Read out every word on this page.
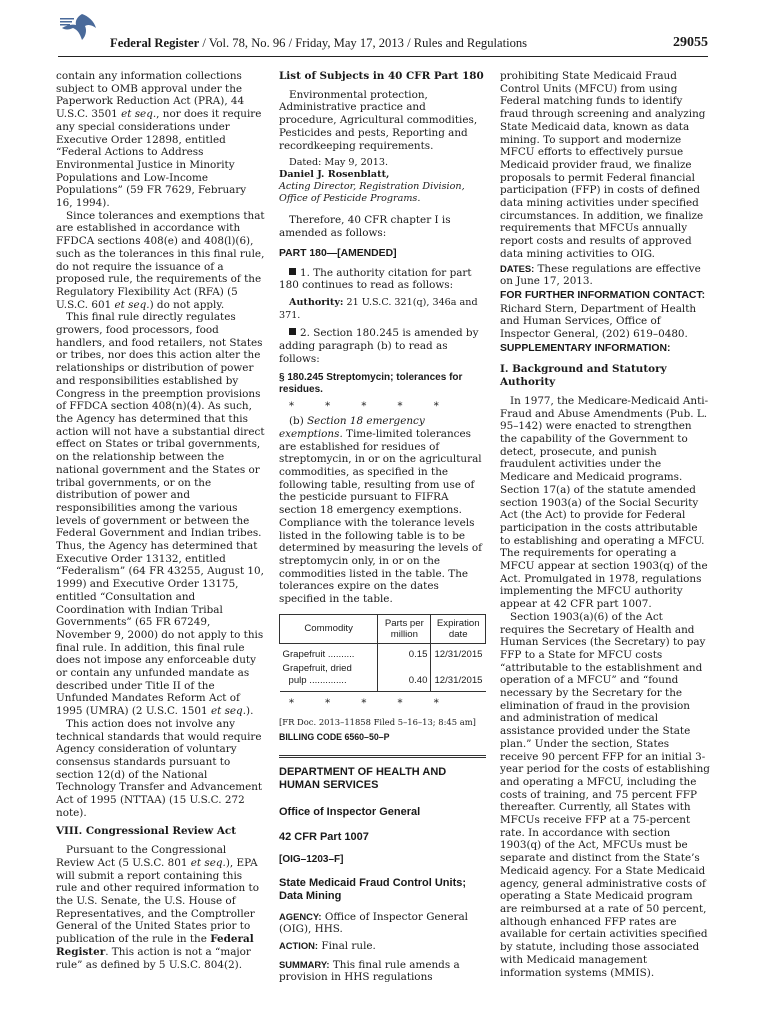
Federal Register / Vol. 78, No. 96 / Friday, May 17, 2013 / Rules and Regulations	29055

contain any information collections subject to OMB approval under the Paperwork Reduction Act (PRA), 44 U.S.C. 3501 et seq., nor does it require any special considerations under Executive Order 12898, entitled “Federal Actions to Address Environmental Justice in Minority Populations and Low-Income Populations” (59 FR 7629, February 16, 1994).

Since tolerances and exemptions that are established in accordance with FFDCA sections 408(e) and 408(l)(6), such as the tolerances in this final rule, do not require the issuance of a proposed rule, the requirements of the Regulatory Flexibility Act (RFA) (5 U.S.C. 601 et seq.) do not apply.

This final rule directly regulates growers, food processors, food handlers, and food retailers, not States or tribes, nor does this action alter the relationships or distribution of power and responsibilities established by Congress in the preemption provisions of FFDCA section 408(n)(4). As such, the Agency has determined that this action will not have a substantial direct effect on States or tribal governments, on the relationship between the national government and the States or tribal governments, or on the distribution of power and responsibilities among the various levels of government or between the Federal Government and Indian tribes. Thus, the Agency has determined that Executive Order 13132, entitled “Federalism” (64 FR 43255, August 10, 1999) and Executive Order 13175, entitled “Consultation and Coordination with Indian Tribal Governments” (65 FR 67249, November 9, 2000) do not apply to this final rule. In addition, this final rule does not impose any enforceable duty or contain any unfunded mandate as described under Title II of the Unfunded Mandates Reform Act of 1995 (UMRA) (2 U.S.C. 1501 et seq.).

This action does not involve any technical standards that would require Agency consideration of voluntary consensus standards pursuant to section 12(d) of the National Technology Transfer and Advancement Act of 1995 (NTTAA) (15 U.S.C. 272 note).

VIII. Congressional Review Act

Pursuant to the Congressional Review Act (5 U.S.C. 801 et seq.), EPA will submit a report containing this rule and other required information to the U.S. Senate, the U.S. House of Representatives, and the Comptroller General of the United States prior to publication of the rule in the Federal Register. This action is not a “major rule” as defined by 5 U.S.C. 804(2).

List of Subjects in 40 CFR Part 180

Environmental protection, Administrative practice and procedure, Agricultural commodities, Pesticides and pests, Reporting and recordkeeping requirements.

Dated: May 9, 2013.

Daniel J. Rosenblatt,

Acting Director, Registration Division, Office of Pesticide Programs.

Therefore, 40 CFR chapter I is amended as follows:

PART 180—[AMENDED]

1. The authority citation for part 180 continues to read as follows:

Authority: 21 U.S.C. 321(q), 346a and 371.

2. Section 180.245 is amended by adding paragraph (b) to read as follows:

§ 180.245 Streptomycin; tolerances for residues.

* * * * *

(b) Section 18 emergency exemptions. Time-limited tolerances are established for residues of streptomycin, in or on the agricultural commodities, as specified in the following table, resulting from use of the pesticide pursuant to FIFRA section 18 emergency exemptions. Compliance with the tolerance levels listed in the following table is to be determined by measuring the levels of streptomycin only, in or on the commodities listed in the table. The tolerances expire on the dates specified in the table.

Commodity	Parts per million	Expiration date
Grapefruit ..........	0.15	12/31/2015
Grapefruit, dried
pulp ..............	0.40	12/31/2015

* * * * *

[FR Doc. 2013–11858 Filed 5–16–13; 8:45 am]

BILLING CODE 6560–50–P

DEPARTMENT OF HEALTH AND HUMAN SERVICES

Office of Inspector General

42 CFR Part 1007

[OIG–1203–F]

State Medicaid Fraud Control Units; Data Mining

AGENCY: Office of Inspector General (OIG), HHS.

ACTION: Final rule.

SUMMARY: This final rule amends a provision in HHS regulations

prohibiting State Medicaid Fraud Control Units (MFCU) from using Federal matching funds to identify fraud through screening and analyzing State Medicaid data, known as data mining. To support and modernize MFCU efforts to effectively pursue Medicaid provider fraud, we finalize proposals to permit Federal financial participation (FFP) in costs of defined data mining activities under specified circumstances. In addition, we finalize requirements that MFCUs annually report costs and results of approved data mining activities to OIG.

DATES: These regulations are effective on June 17, 2013.

FOR FURTHER INFORMATION CONTACT:

Richard Stern, Department of Health and Human Services, Office of Inspector General, (202) 619–0480.

SUPPLEMENTARY INFORMATION:

I. Background and Statutory Authority

In 1977, the Medicare-Medicaid Anti-Fraud and Abuse Amendments (Pub. L. 95–142) were enacted to strengthen the capability of the Government to detect, prosecute, and punish fraudulent activities under the Medicare and Medicaid programs. Section 17(a) of the statute amended section 1903(a) of the Social Security Act (the Act) to provide for Federal participation in the costs attributable to establishing and operating a MFCU. The requirements for operating a MFCU appear at section 1903(q) of the Act. Promulgated in 1978, regulations implementing the MFCU authority appear at 42 CFR part 1007.

Section 1903(a)(6) of the Act requires the Secretary of Health and Human Services (the Secretary) to pay FFP to a State for MFCU costs “attributable to the establishment and operation of a MFCU” and “found necessary by the Secretary for the elimination of fraud in the provision and administration of medical assistance provided under the State plan.” Under the section, States receive 90 percent FFP for an initial 3-year period for the costs of establishing and operating a MFCU, including the costs of training, and 75 percent FFP thereafter. Currently, all States with MFCUs receive FFP at a 75-percent rate. In accordance with section 1903(q) of the Act, MFCUs must be separate and distinct from the State’s Medicaid agency. For a State Medicaid agency, general administrative costs of operating a State Medicaid program are reimbursed at a rate of 50 percent, although enhanced FFP rates are available for certain activities specified by statute, including those associated with Medicaid management information systems (MMIS).
